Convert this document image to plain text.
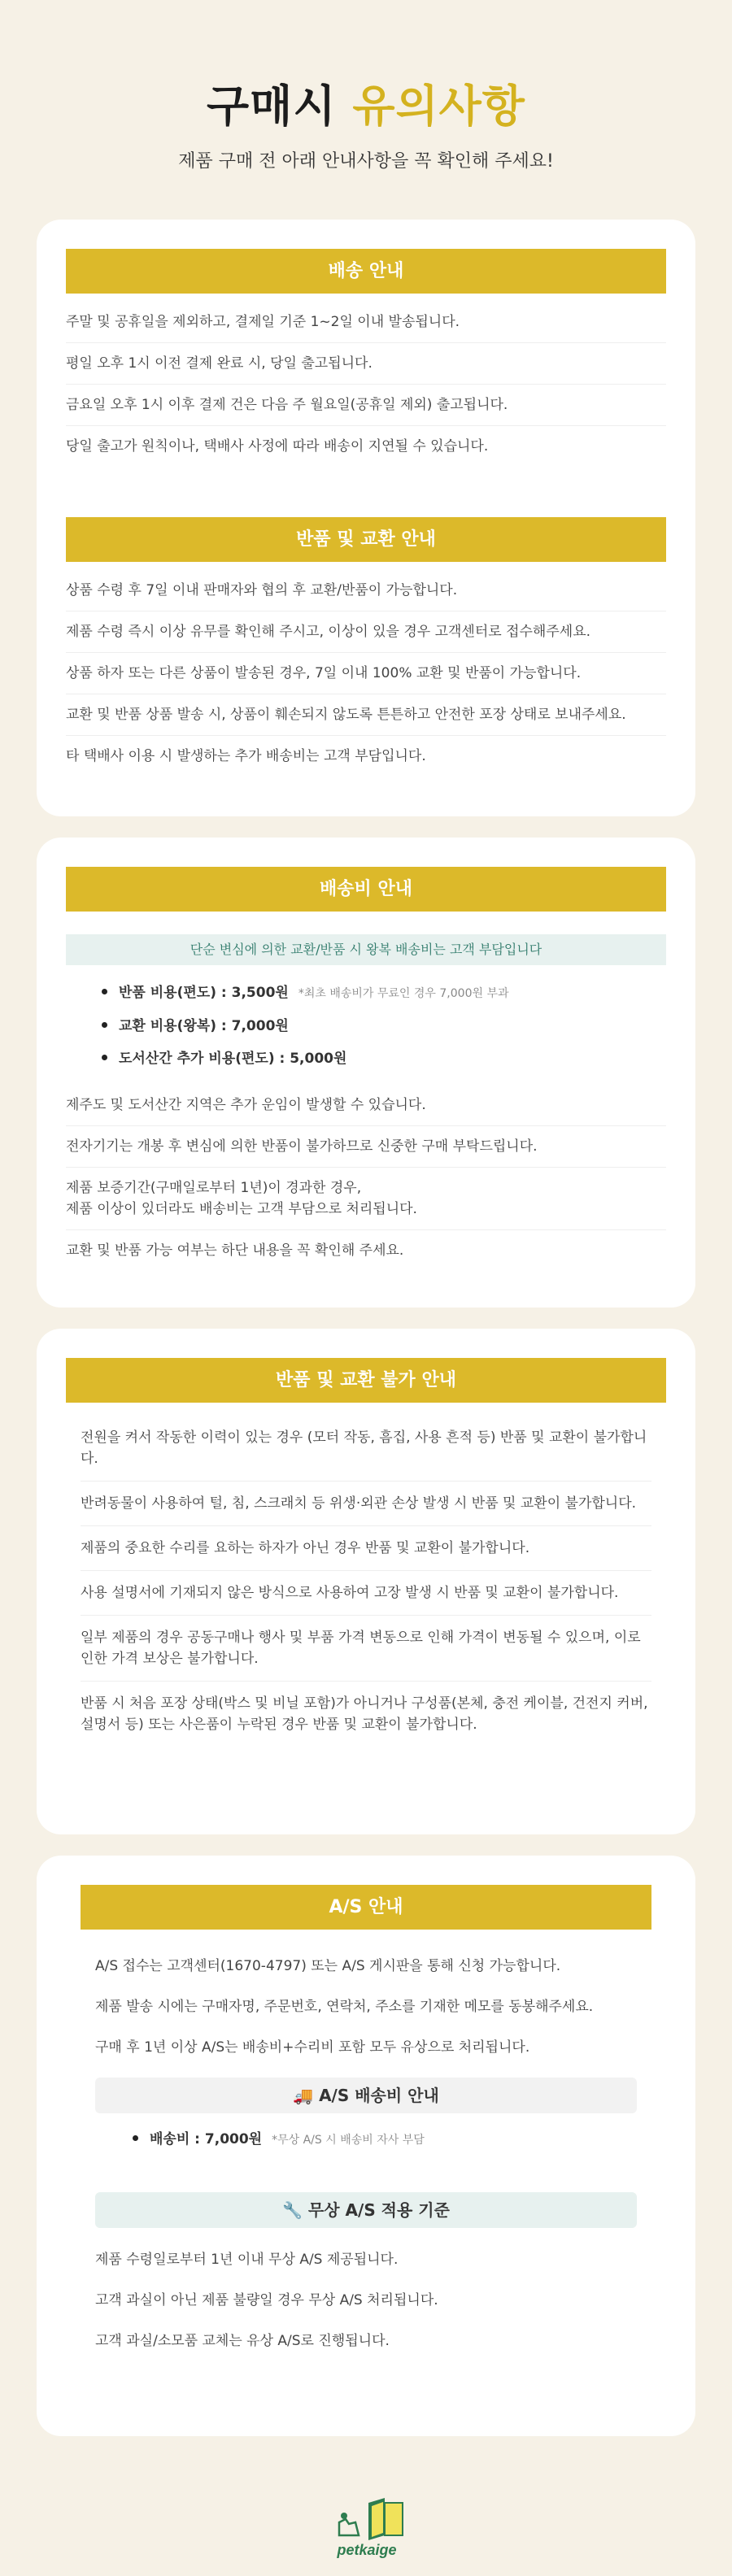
구매시 유의사항

제품 구매 전 아래 안내사항을 꼭 확인해 주세요!

배송 안내
주말 및 공휴일을 제외하고, 결제일 기준 1~2일 이내 발송됩니다.
평일 오후 1시 이전 결제 완료 시, 당일 출고됩니다.
금요일 오후 1시 이후 결제 건은 다음 주 월요일(공휴일 제외) 출고됩니다.
당일 출고가 원칙이나, 택배사 사정에 따라 배송이 지연될 수 있습니다.
반품 및 교환 안내
상품 수령 후 7일 이내 판매자와 협의 후 교환/반품이 가능합니다.
제품 수령 즉시 이상 유무를 확인해 주시고, 이상이 있을 경우 고객센터로 접수해주세요.
상품 하자 또는 다른 상품이 발송된 경우, 7일 이내 100% 교환 및 반품이 가능합니다.
교환 및 반품 상품 발송 시, 상품이 훼손되지 않도록 튼튼하고 안전한 포장 상태로 보내주세요.
타 택배사 이용 시 발생하는 추가 배송비는 고객 부담입니다.
배송비 안내
단순 변심에 의한 교환/반품 시 왕복 배송비는 고객 부담입니다
반품 비용(편도) : 3,500원 *최초 배송비가 무료인 경우 7,000원 부과
교환 비용(왕복) : 7,000원
도서산간 추가 비용(편도) : 5,000원
제주도 및 도서산간 지역은 추가 운임이 발생할 수 있습니다.
전자기기는 개봉 후 변심에 의한 반품이 불가하므로 신중한 구매 부탁드립니다.
제품 보증기간(구매일로부터 1년)이 경과한 경우,
제품 이상이 있더라도 배송비는 고객 부담으로 처리됩니다.
교환 및 반품 가능 여부는 하단 내용을 꼭 확인해 주세요.
반품 및 교환 불가 안내
전원을 켜서 작동한 이력이 있는 경우 (모터 작동, 흠집, 사용 흔적 등) 반품 및 교환이 불가합니다.
반려동물이 사용하여 털, 침, 스크래치 등 위생·외관 손상 발생 시 반품 및 교환이 불가합니다.
제품의 중요한 수리를 요하는 하자가 아닌 경우 반품 및 교환이 불가합니다.
사용 설명서에 기재되지 않은 방식으로 사용하여 고장 발생 시 반품 및 교환이 불가합니다.
일부 제품의 경우 공동구매나 행사 및 부품 가격 변동으로 인해 가격이 변동될 수 있으며, 이로 인한 가격 보상은 불가합니다.
반품 시 처음 포장 상태(박스 및 비닐 포함)가 아니거나 구성품(본체, 충전 케이블, 건전지 커버, 설명서 등) 또는 사은품이 누락된 경우 반품 및 교환이 불가합니다.
A/S 안내
A/S 접수는 고객센터(1670-4797) 또는 A/S 게시판을 통해 신청 가능합니다.
제품 발송 시에는 구매자명, 주문번호, 연락처, 주소를 기재한 메모를 동봉해주세요.
구매 후 1년 이상 A/S는 배송비+수리비 포함 모두 유상으로 처리됩니다.
🚚 A/S 배송비 안내
배송비 : 7,000원 *무상 A/S 시 배송비 자사 부담
🔧 무상 A/S 적용 기준
제품 수령일로부터 1년 이내 무상 A/S 제공됩니다.
고객 과실이 아닌 제품 불량일 경우 무상 A/S 처리됩니다.
고객 과실/소모품 교체는 유상 A/S로 진행됩니다.
petkaige
